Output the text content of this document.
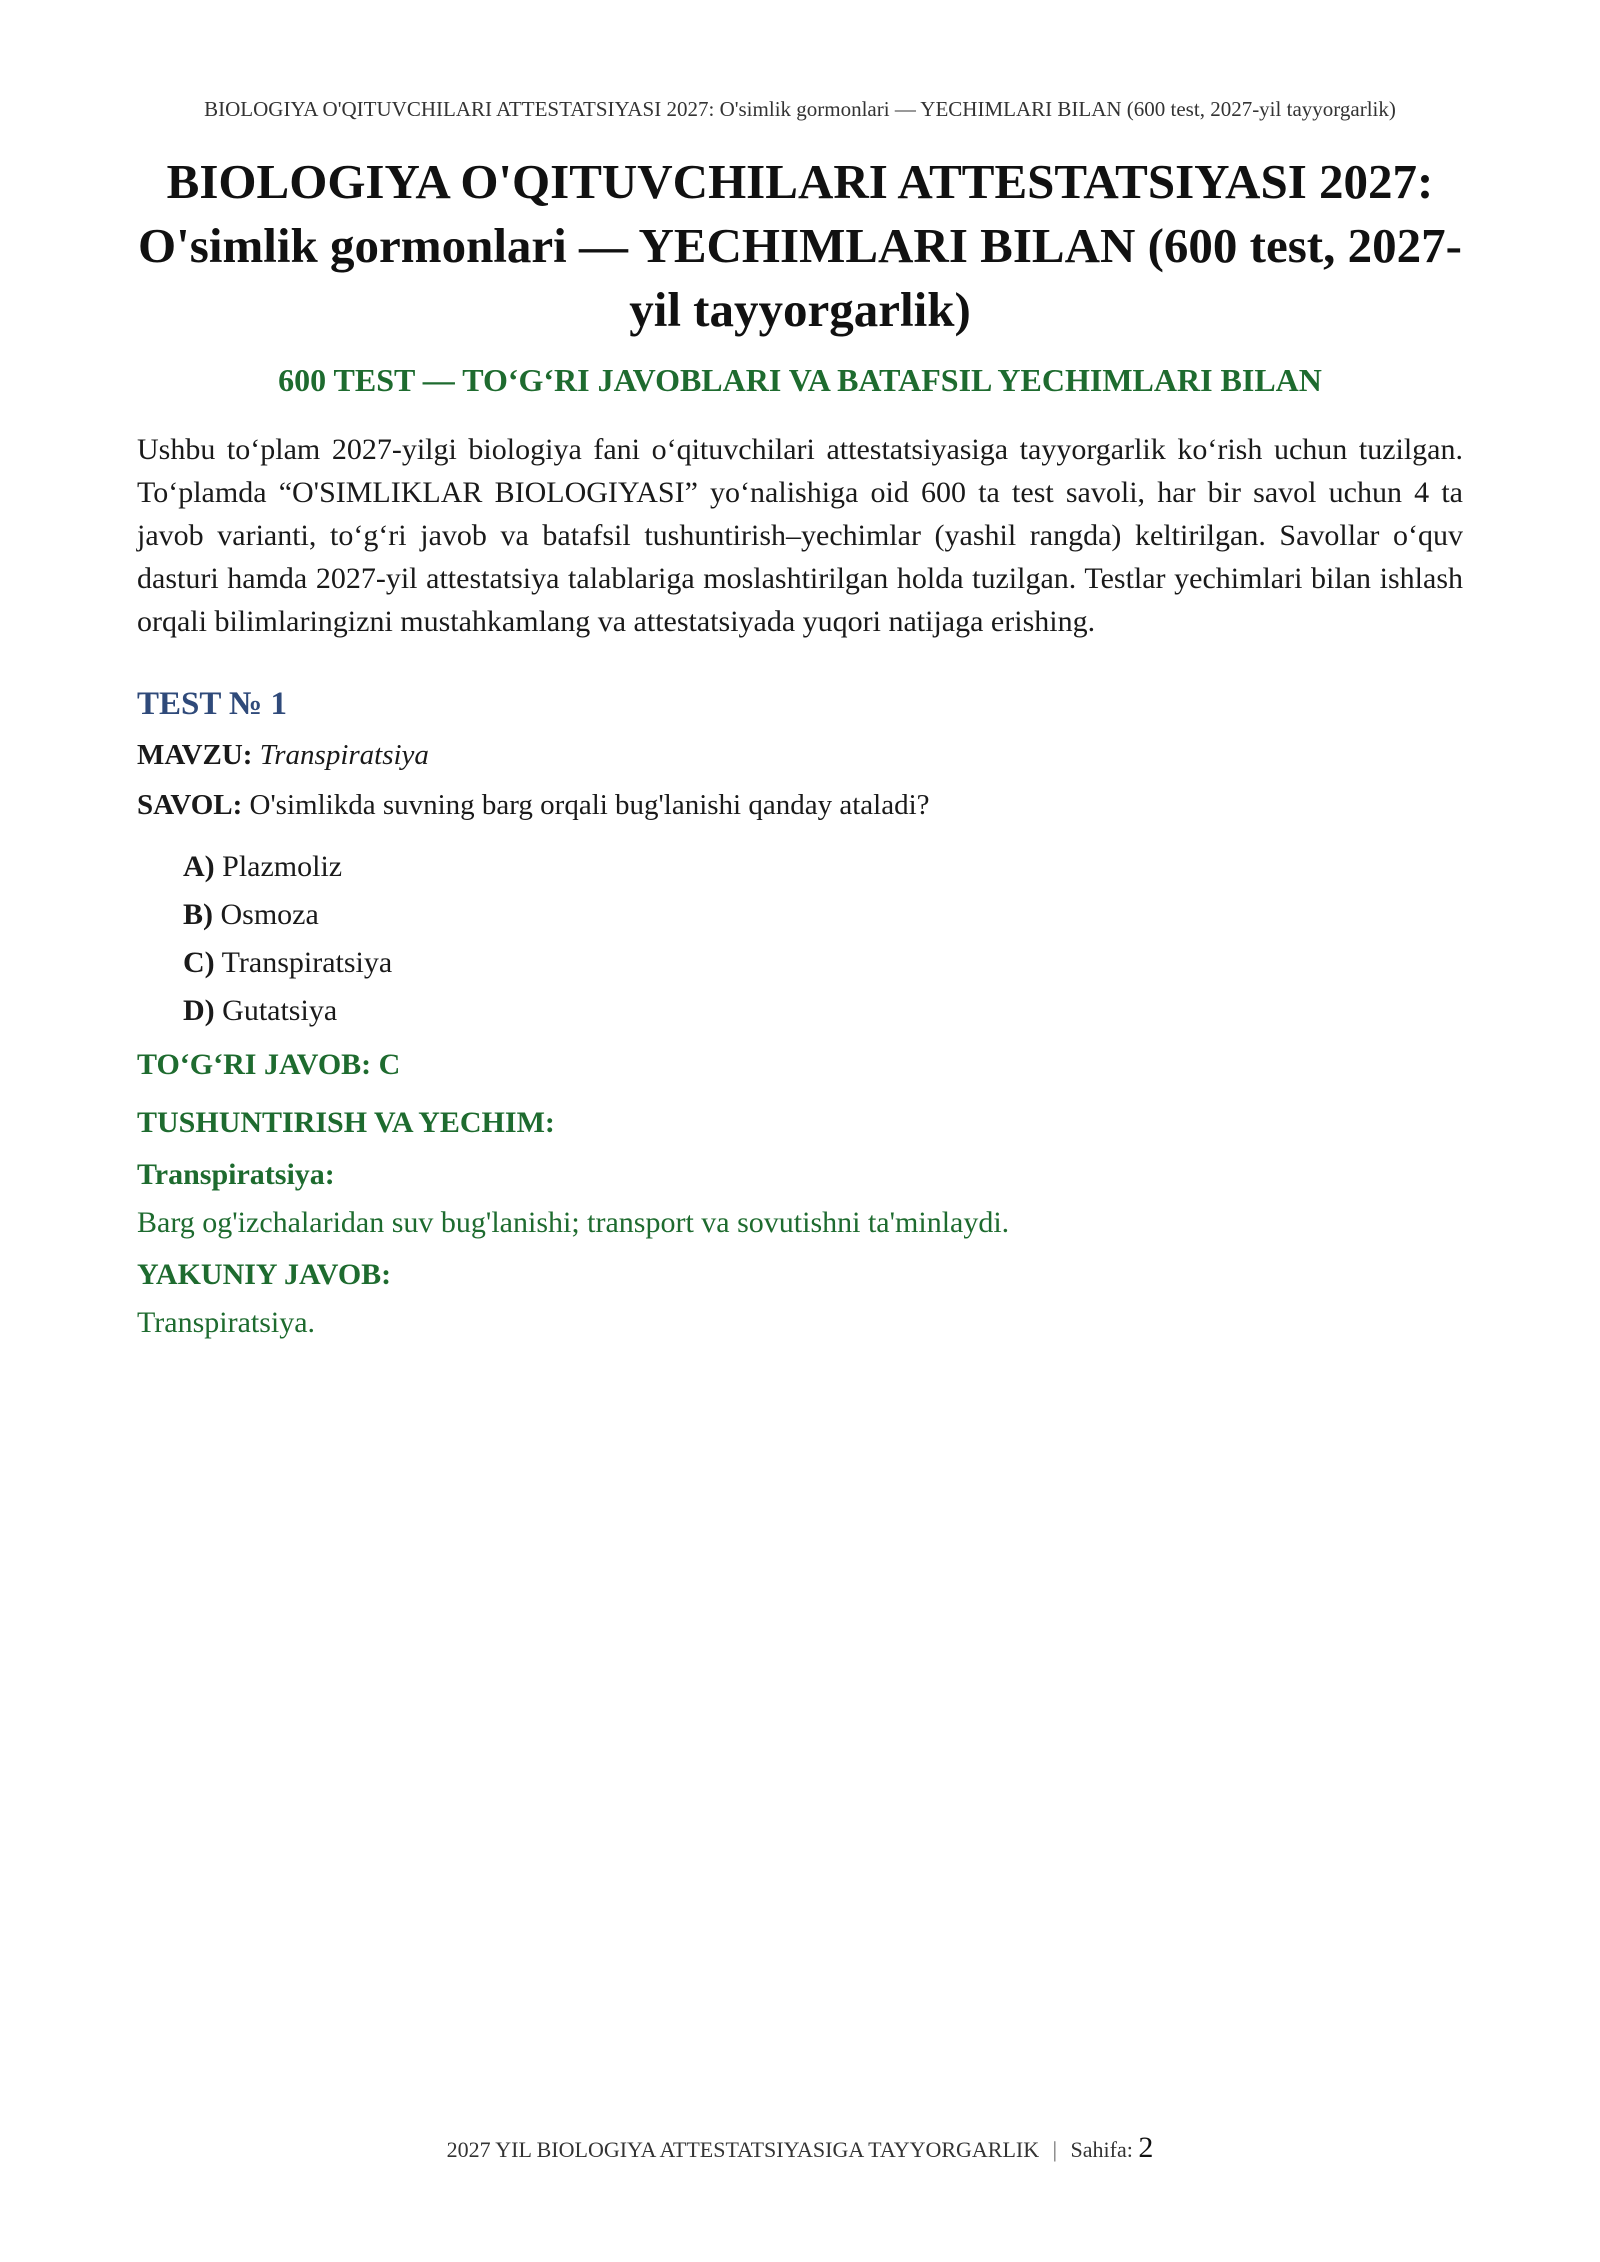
BIOLOGIYA O'QITUVCHILARI ATTESTATSIYASI 2027: O'simlik gormonlari — YECHIMLARI BILAN (600 test, 2027-yil tayyorgarlik)
BIOLOGIYA O'QITUVCHILARI ATTESTATSIYASI 2027: O'simlik gormonlari — YECHIMLARI BILAN (600 test, 2027-yil tayyorgarlik)
600 TEST — TO‘G‘RI JAVOBLARI VA BATAFSIL YECHIMLARI BILAN

Ushbu to‘plam 2027-yilgi biologiya fani o‘qituvchilari attestatsiyasiga tayyorgarlik ko‘rish uchun tuzilgan. To‘plamda “O'SIMLIKLAR BIOLOGIYASI” yo‘nalishiga oid 600 ta test savoli, har bir savol uchun 4 ta javob varianti, to‘g‘ri javob va batafsil tushuntirish–yechimlar (yashil rangda) keltirilgan. Savollar o‘quv dasturi hamda 2027-yil attestatsiya talablariga moslashtirilgan holda tuzilgan. Testlar yechimlari bilan ishlash orqali bilimlaringizni mustahkamlang va attestatsiyada yuqori natijaga erishing.

TEST № 1
MAVZU: Transpiratsiya
SAVOL: O'simlikda suvning barg orqali bug'lanishi qanday ataladi?
A) Plazmoliz
B) Osmoza
C) Transpiratsiya
D) Gutatsiya
TO‘G‘RI JAVOB: C
TUSHUNTIRISH VA YECHIM:
Transpiratsiya:
Barg og'izchalaridan suv bug'lanishi; transport va sovutishni ta'minlaydi.
YAKUNIY JAVOB:
Transpiratsiya.
2027 YIL BIOLOGIYA ATTESTATSIYASIGA TAYYORGARLIK | Sahifa: 2
